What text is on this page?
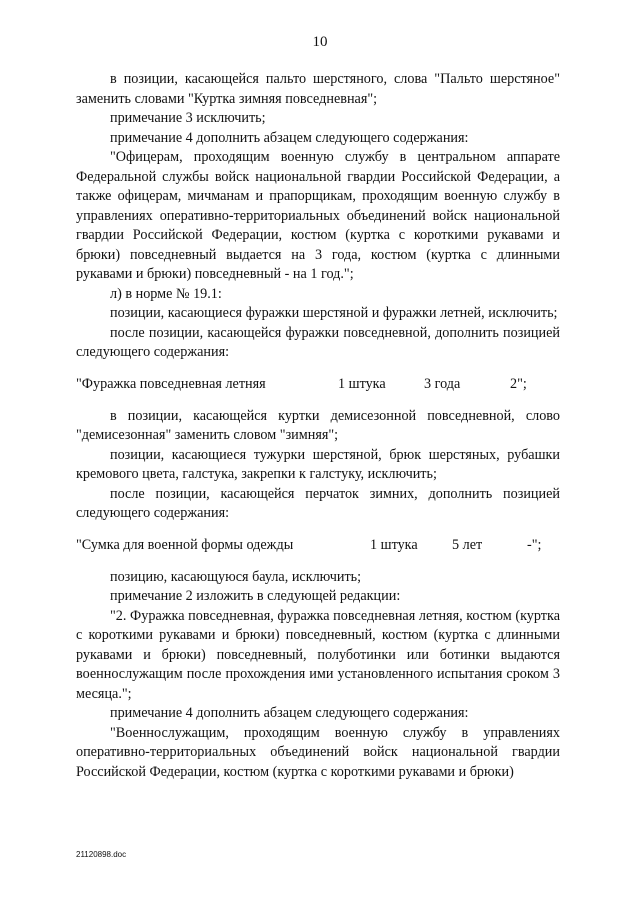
10

в позиции, касающейся пальто шерстяного, слова "Пальто шерстяное" заменить словами "Куртка зимняя повседневная";

примечание 3 исключить;

примечание 4 дополнить абзацем следующего содержания:

"Офицерам, проходящим военную службу в центральном аппарате Федеральной службы войск национальной гвардии Российской Федерации, а также офицерам, мичманам и прапорщикам, проходящим военную службу в управлениях оперативно-территориальных объединений войск национальной гвардии Российской Федерации, костюм (куртка с короткими рукавами и брюки) повседневный выдается на 3 года, костюм (куртка с длинными рукавами и брюки) повседневный - на 1 год.";

л) в норме № 19.1:

позиции, касающиеся фуражки шерстяной и фуражки летней, исключить;

после позиции, касающейся фуражки повседневной, дополнить позицией следующего содержания:

"Фуражка повседневная летняя	1 штука	3 года	2";

в позиции, касающейся куртки демисезонной повседневной, слово "демисезонная" заменить словом "зимняя";

позиции, касающиеся тужурки шерстяной, брюк шерстяных, рубашки кремового цвета, галстука, закрепки к галстуку, исключить;

после позиции, касающейся перчаток зимних, дополнить позицией следующего содержания:

"Сумка для военной формы одежды	1 штука 5 лет	-";

позицию, касающуюся баула, исключить;

примечание 2 изложить в следующей редакции:

"2. Фуражка повседневная, фуражка повседневная летняя, костюм (куртка с короткими рукавами и брюки) повседневный, костюм (куртка с длинными рукавами и брюки) повседневный, полуботинки или ботинки выдаются военнослужащим после прохождения ими установленного испытания сроком 3 месяца.";

примечание 4 дополнить абзацем следующего содержания:

"Военнослужащим, проходящим военную службу в управлениях оперативно-территориальных объединений войск национальной гвардии Российской Федерации, костюм (куртка с короткими рукавами и брюки)

21120898.doc
